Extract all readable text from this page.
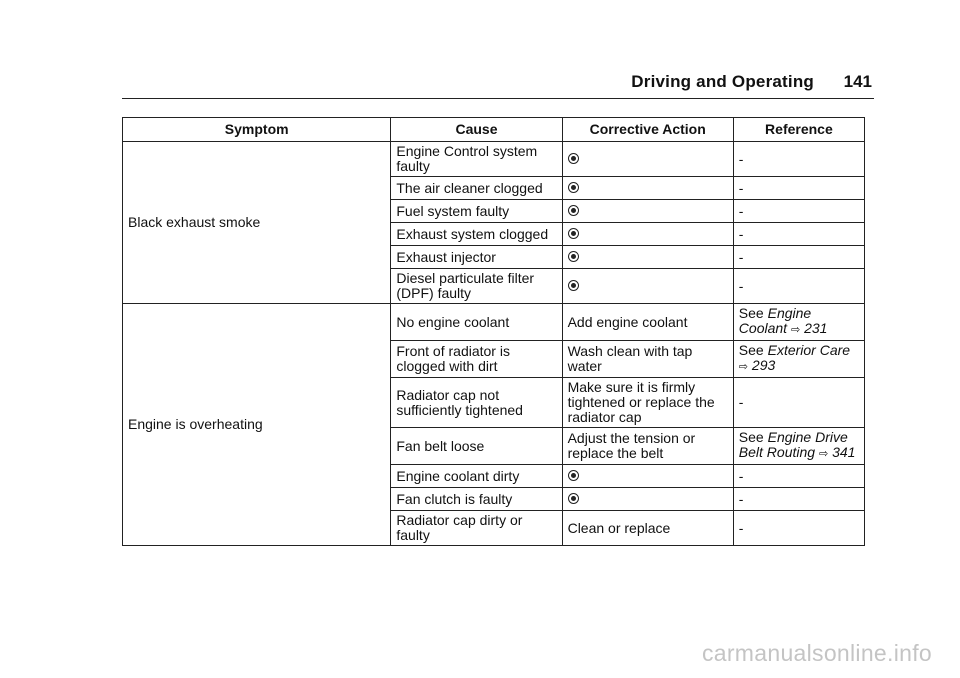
Driving and Operating 141
Symptom	Cause	Corrective Action	Reference
Black exhaust smoke	Engine Control system faulty		-
	The air cleaner clogged		-
	Fuel system faulty		-
	Exhaust system clogged		-
	Exhaust injector		-
	Diesel particulate filter (DPF) faulty		-
Engine is overheating	No engine coolant	Add engine coolant	See Engine Coolant ⇨ 231
	Front of radiator is clogged with dirt	Wash clean with tap water	See Exterior Care ⇨ 293
	Radiator cap not sufficiently tightened	Make sure it is firmly tightened or replace the radiator cap	-
	Fan belt loose	Adjust the tension or replace the belt	See Engine Drive Belt Routing ⇨ 341
	Engine coolant dirty		-
	Fan clutch is faulty		-
	Radiator cap dirty or faulty	Clean or replace	-
carmanualsonline.info
